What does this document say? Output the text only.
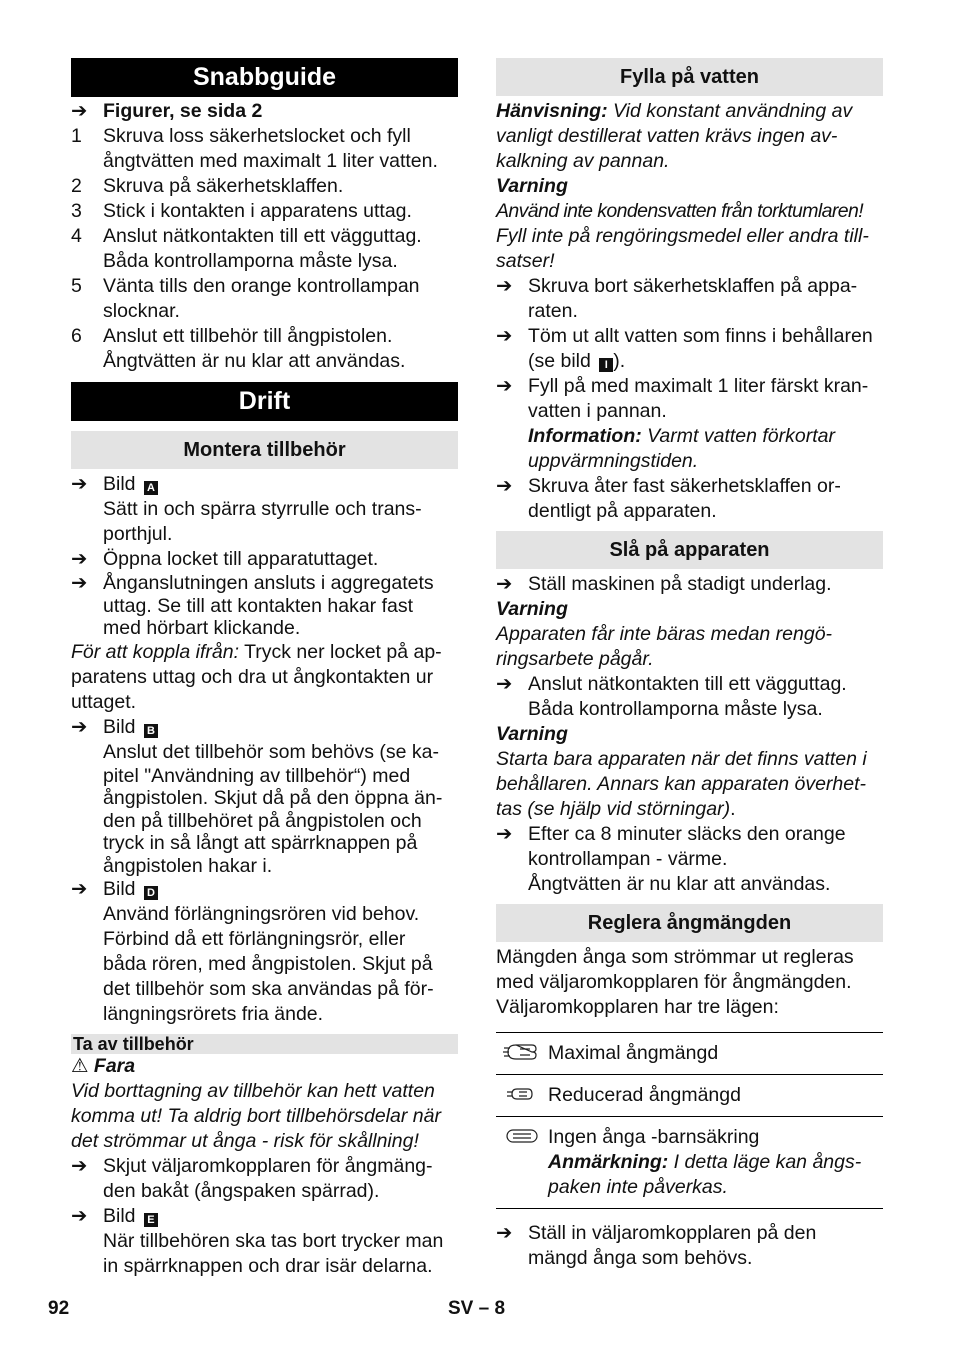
Snabbguide
➔ Figurer, se sida 2
1	Skruva loss säkerhetslocket och fyll
ångtvätten med maximalt 1 liter vatten.
2	Skruva på säkerhetsklaffen.
3	Stick i kontakten i apparatens uttag.
4	Anslut nätkontakten till ett vägguttag.
Båda kontrollamporna måste lysa.
5	Vänta tills den orange kontrollampan
slocknar.
6	Anslut ett tillbehör till ångpistolen.
Ångtvätten är nu klar att användas.
Drift
Montera tillbehör
➔ Bild A
Sätt in och spärra styrrulle och trans-
porthjul.
➔ Öppna locket till apparatuttaget.
➔ Ånganslutningen ansluts i aggregatets
uttag. Se till att kontakten hakar fast
med hörbart klickande.
För att koppla ifrån: Tryck ner locket på ap-
paratens uttag och dra ut ångkontakten ur
uttaget.
➔ Bild B
Anslut det tillbehör som behövs (se ka-
pitel "Användning av tillbehör“) med
ångpistolen. Skjut då på den öppna än-
den på tillbehöret på ångpistolen och
tryck in så långt att spärrknappen på
ångpistolen hakar i.
➔ Bild D
Använd förlängningsrören vid behov.
Förbind då ett förlängningsrör, eller
båda rören, med ångpistolen. Skjut på
det tillbehör som ska användas på för-
längningsrörets fria ände.
Ta av tillbehör
⚠ Fara
Vid borttagning av tillbehör kan hett vatten
komma ut! Ta aldrig bort tillbehörsdelar när
det strömmar ut ånga - risk för skållning!
➔ Skjut väljaromkopplaren för ångmäng-
den bakåt (ångspaken spärrad).
➔ Bild E
När tillbehören ska tas bort trycker man
in spärrknappen och drar isär delarna.
Fylla på vatten
Hänvisning: Vid konstant användning av
vanligt destillerat vatten krävs ingen av-
kalkning av pannan.
Varning
Använd inte kondensvatten från torktumlaren!
Fyll inte på rengöringsmedel eller andra till-
satser!
➔ Skruva bort säkerhetsklaffen på appa-
raten.
➔ Töm ut allt vatten som finns i behållaren
(se bild I ).
➔ Fyll på med maximalt 1 liter färskt kran-
vatten i pannan.
Information: Varmt vatten förkortar
uppvärmningstiden.
➔ Skruva åter fast säkerhetsklaffen or-
dentligt på apparaten.
Slå på apparaten
➔ Ställ maskinen på stadigt underlag.
Varning
Apparaten får inte bäras medan rengö-
ringsarbete pågår.
➔ Anslut nätkontakten till ett vägguttag.
Båda kontrollamporna måste lysa.
Varning
Starta bara apparaten när det finns vatten i
behållaren. Annars kan apparaten överhet-
tas (se hjälp vid störningar).
➔ Efter ca 8 minuter släcks den orange
kontrollampan - värme.
Ångtvätten är nu klar att användas.
Reglera ångmängden
Mängden ånga som strömmar ut regleras
med väljaromkopplaren för ångmängden.
Väljaromkopplaren har tre lägen:

Maximal ångmängd

Reducerad ångmängd

Ingen ånga -barnsäkring
Anmärkning: I detta läge kan ångs-
paken inte påverkas.
➔ Ställ in väljaromkopplaren på den
mängd ånga som behövs.
92	SV – 8
